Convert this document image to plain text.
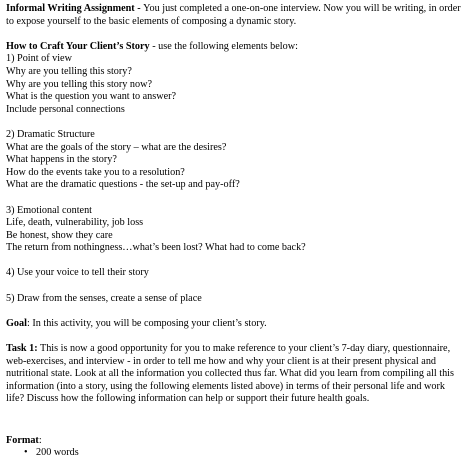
Informal Writing Assignment - You just completed a one-on-one interview. Now you will be writing, in order
to expose yourself to the basic elements of composing a dynamic story.
How to Craft Your Client’s Story - use the following elements below:
1) Point of view
Why are you telling this story?
Why are you telling this story now?
What is the question you want to answer?
Include personal connections
2) Dramatic Structure
What are the goals of the story – what are the desires?
What happens in the story?
How do the events take you to a resolution?
What are the dramatic questions - the set-up and pay-off?
3) Emotional content
Life, death, vulnerability, job loss
Be honest, show they care
The return from nothingness…what’s been lost? What had to come back?
4) Use your voice to tell their story
5) Draw from the senses, create a sense of place
Goal: In this activity, you will be composing your client’s story.
Task 1: This is now a good opportunity for you to make reference to your client’s 7-day diary, questionnaire,
web-exercises, and interview - in order to tell me how and why your client is at their present physical and
nutritional state. Look at all the information you collected thus far. What did you learn from compiling all this
information (into a story, using the following elements listed above) in terms of their personal life and work
life? Discuss how the following information can help or support their future health goals.
Format:
• 200 words
